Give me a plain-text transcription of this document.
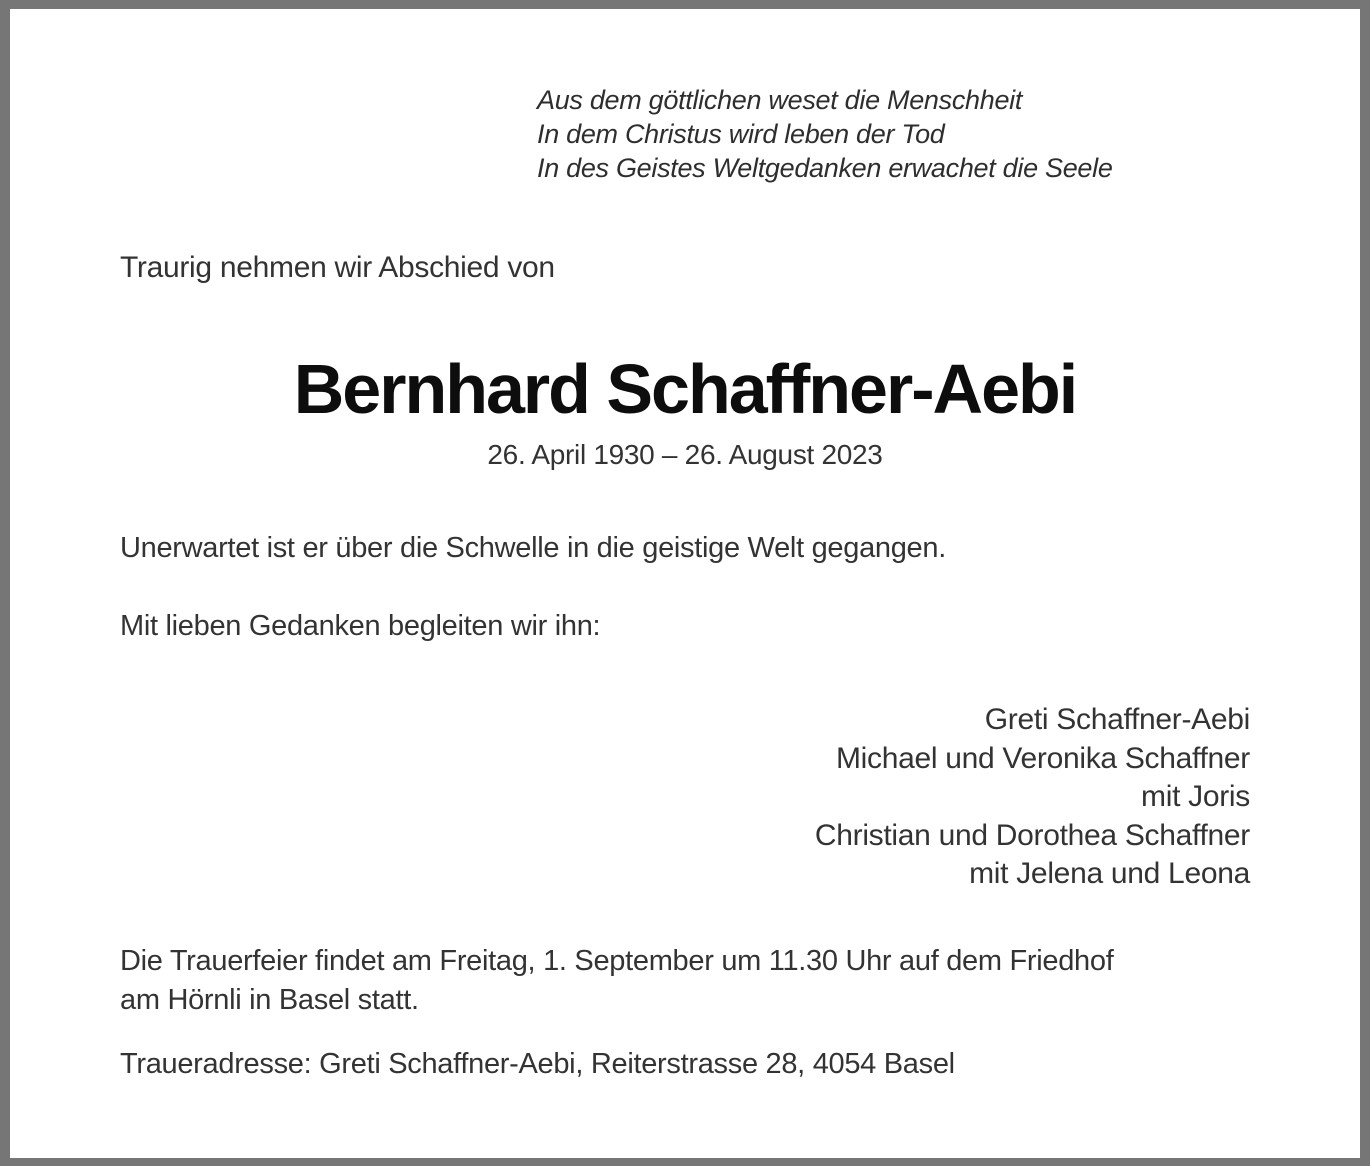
Aus dem göttlichen weset die Menschheit
In dem Christus wird leben der Tod
In des Geistes Weltgedanken erwachet die Seele
Traurig nehmen wir Abschied von
Bernhard Schaffner-Aebi
26. April 1930 – 26. August 2023
Unerwartet ist er über die Schwelle in die geistige Welt gegangen.
Mit lieben Gedanken begleiten wir ihn:
Greti Schaffner-Aebi
Michael und Veronika Schaffner
mit Joris
Christian und Dorothea Schaffner
mit Jelena und Leona
Die Trauerfeier findet am Freitag, 1. September um 11.30 Uhr auf dem Friedhof am Hörnli in Basel statt.
Traueradresse: Greti Schaffner-Aebi, Reiterstrasse 28, 4054 Basel
